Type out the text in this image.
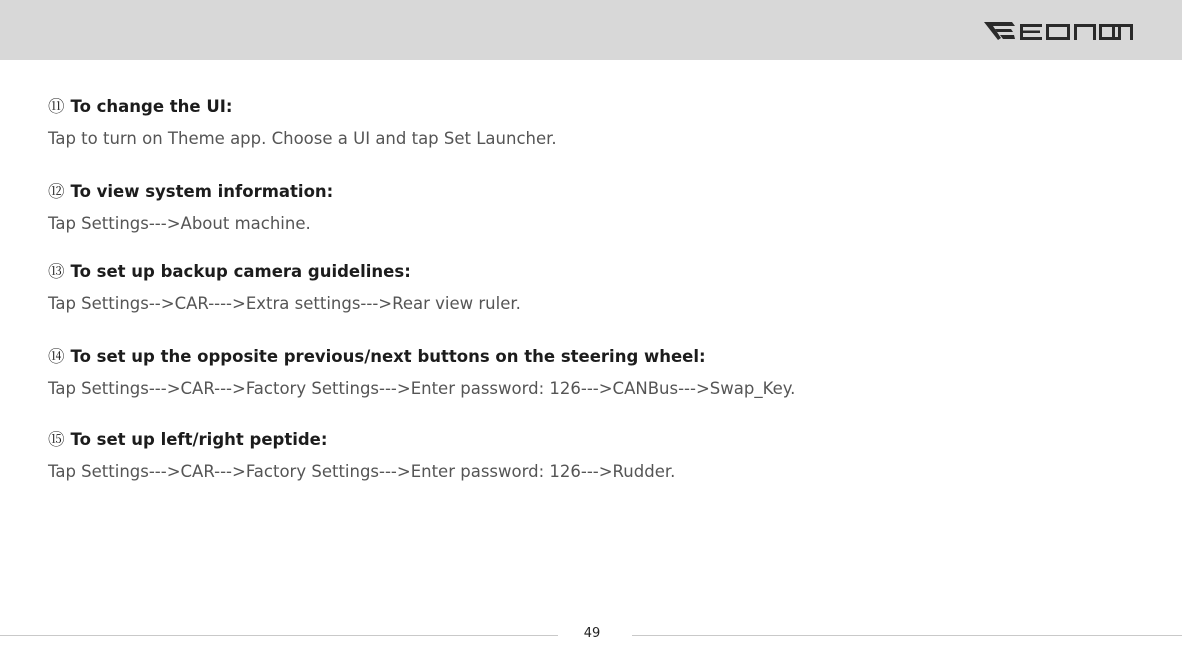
⑪ To change the UI:
Tap to turn on Theme app. Choose a UI and tap Set Launcher.
⑫ To view system information:
Tap Settings--->About machine.
⑬ To set up backup camera guidelines:
Tap Settings-->CAR---->Extra settings--->Rear view ruler.
⑭ To set up the opposite previous/next buttons on the steering wheel:
Tap Settings--->CAR--->Factory Settings--->Enter password: 126--->CANBus--->Swap_Key.
⑮ To set up left/right peptide:
Tap Settings--->CAR--->Factory Settings--->Enter password: 126--->Rudder.
49
